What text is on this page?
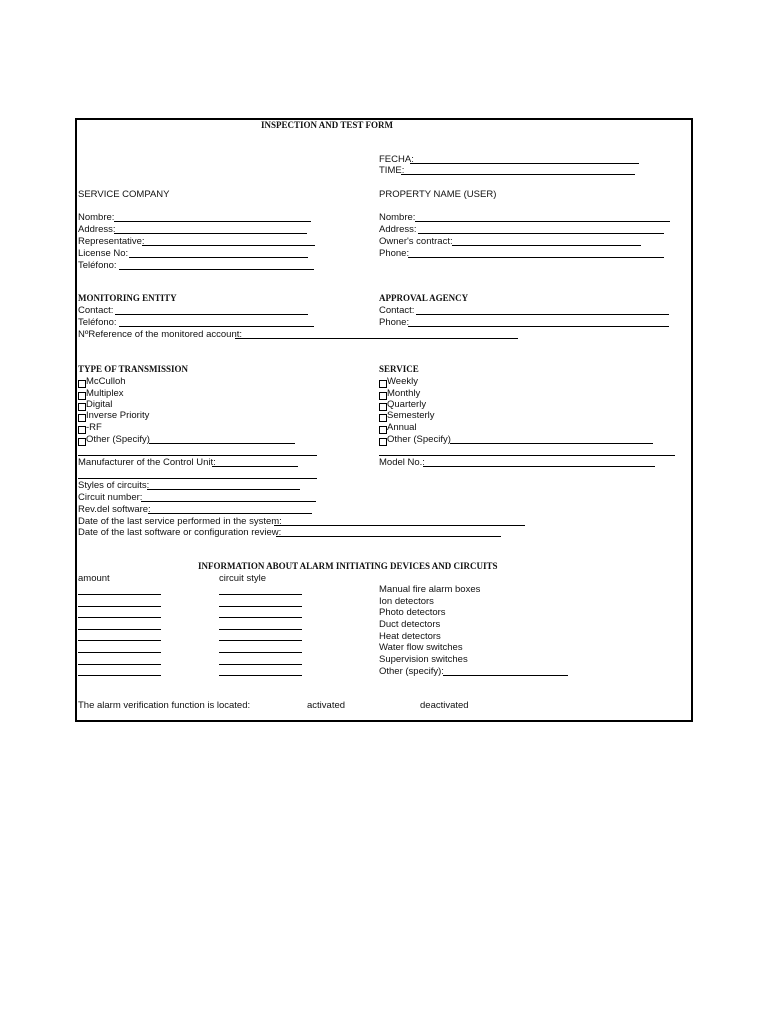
INSPECTION AND TEST FORM
FECHA:
TIME:
SERVICE COMPANY
Nombre:
Address:
Representative:
License No:
Teléfono:
PROPERTY NAME (USER)
Nombre:
Address:
Owner's contract:
Phone:
MONITORING ENTITY
Contact:
Teléfono:
NºReference of the monitored account:
APPROVAL AGENCY
Contact:
Phone:
TYPE OF TRANSMISSION
McCulloh
Multiplex
Digital
Inverse Priority
-RF
Other (Specify)
SERVICE
Weekly
Monthly
Quarterly
Semesterly
Annual
Other (Specify)
Manufacturer of the Control Unit:	Model No.:
Styles of circuits:
Circuit number:
Rev.del software:
Date of the last service performed in the system:
Date of the last software or configuration review:
INFORMATION ABOUT ALARM INITIATING DEVICES AND CIRCUITS
amount	circuit style
Manual fire alarm boxes
Ion detectors
Photo detectors
Duct detectors
Heat detectors
Water flow switches
Supervision switches
Other (specify):
The alarm verification function is located:	activated	deactivated
